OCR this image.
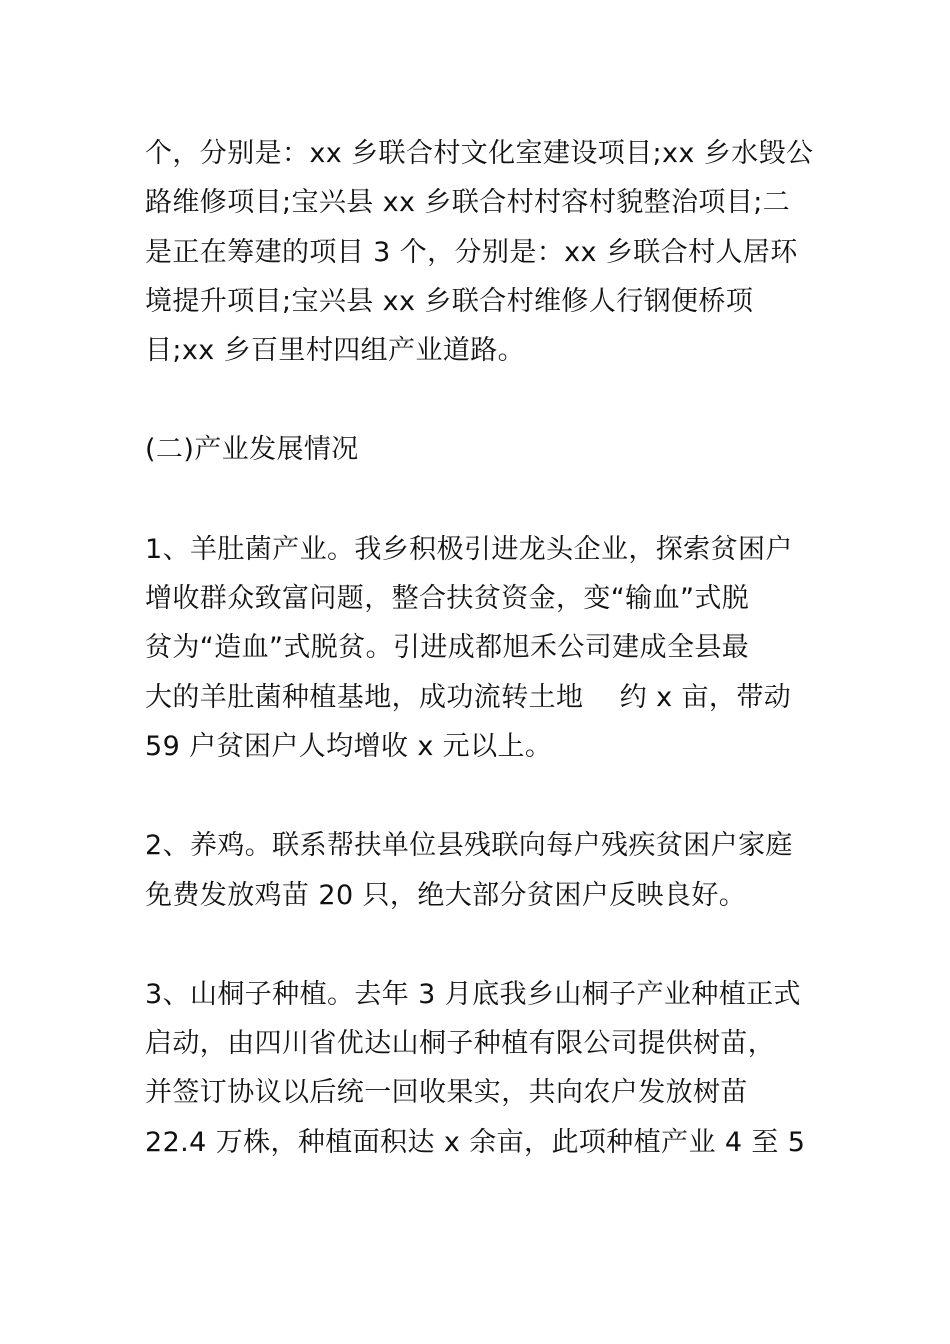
个，分别是：xx 乡联合村文化室建设项目;xx 乡水毁公
路维修项目;宝兴县 xx 乡联合村村容村貌整治项目;二
是正在筹建的项目 3 个，分别是：xx 乡联合村人居环
境提升项目;宝兴县 xx 乡联合村维修人行钢便桥项
目;xx 乡百里村四组产业道路。
(二)产业发展情况
1、羊肚菌产业。我乡积极引进龙头企业，探索贫困户
增收群众致富问题，整合扶贫资金，变“输血”式脱
贫为“造血”式脱贫。引进成都旭禾公司建成全县最
大的羊肚菌种植基地，成功流转土地　 约 x 亩，带动
59 户贫困户人均增收 x 元以上。
2、养鸡。联系帮扶单位县残联向每户残疾贫困户家庭
免费发放鸡苗 20 只，绝大部分贫困户反映良好。
3、山桐子种植。去年 3 月底我乡山桐子产业种植正式
启动，由四川省优达山桐子种植有限公司提供树苗，
并签订协议以后统一回收果实，共向农户发放树苗
22.4 万株，种植面积达 x 余亩，此项种植产业 4 至 5
